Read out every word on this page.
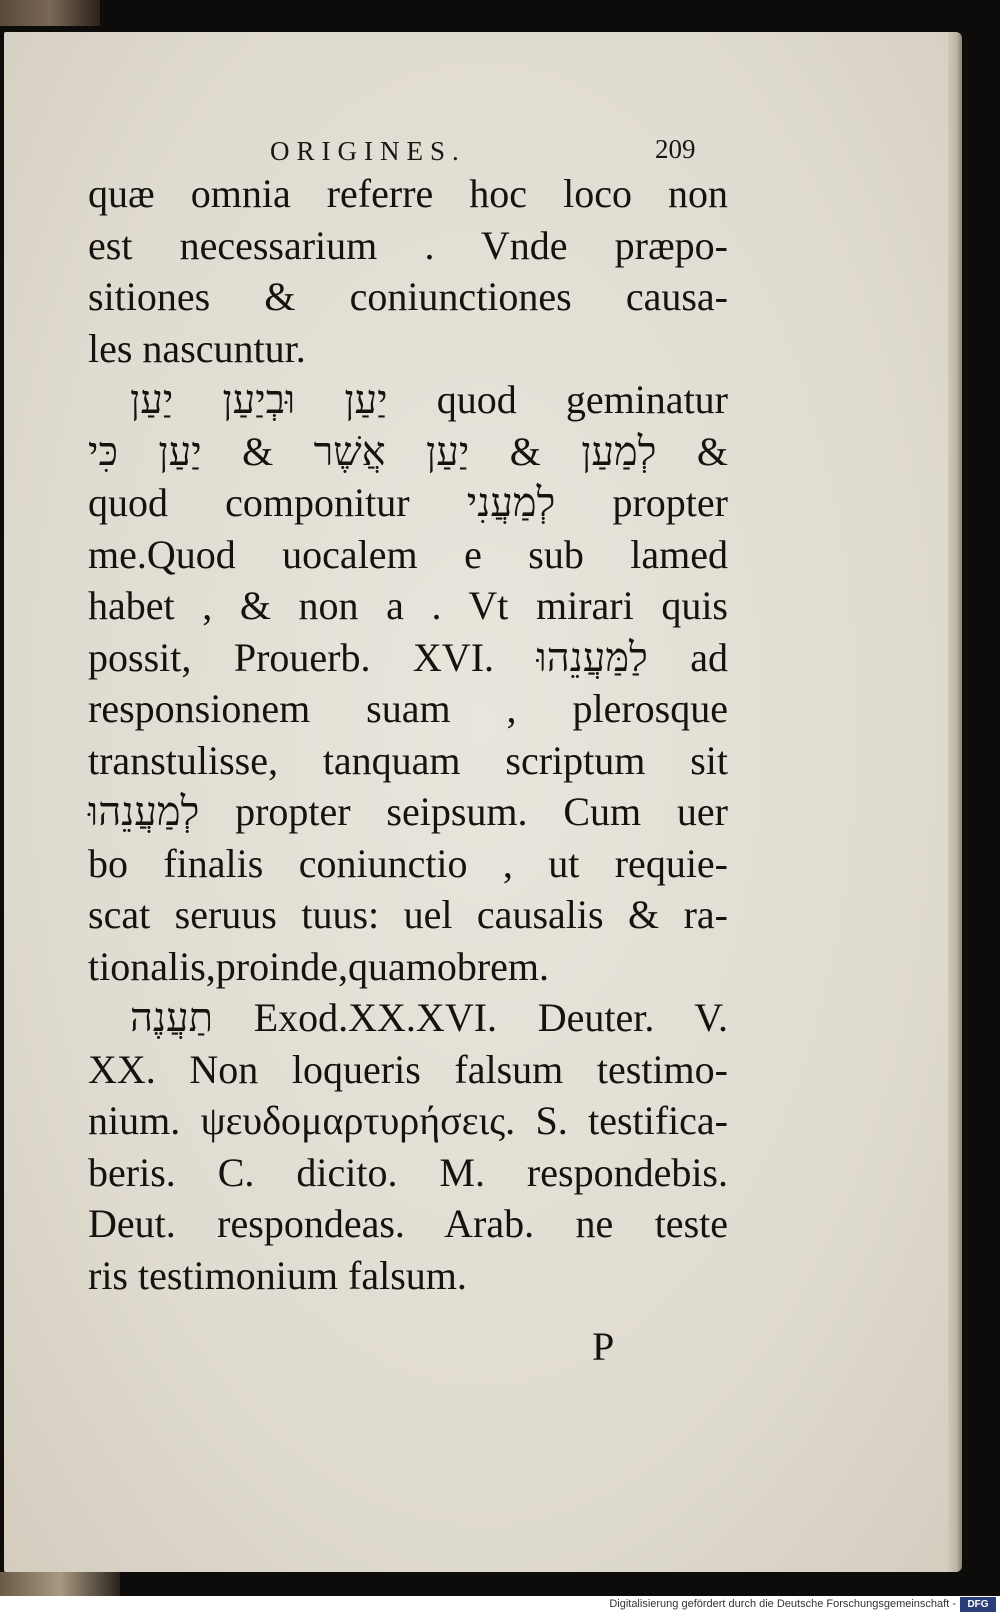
ORIGINES.	209
quæ omnia referre hoc loco non
est necessarium . Vnde præpo-
sitiones & coniunctiones causa-
les nascuntur.
יַעַן וּבְיַעַן יַעַן quod geminatur
לְמַעַן & יַעַן אֲשֶׁר & יַעַן כִּי &
quod componitur לְמַעֲנִי propter
me.Quod uocalem e sub lamed
habet , & non a . Vt mirari quis
possit, Prouerb. XVI. לַמַּעֲנֵהוּ ad
responsionem suam , plerosque
transtulisse, tanquam scriptum sit
לְמַעֲנֵהוּ propter seipsum. Cum uer
bo finalis coniunctio , ut requie-
scat seruus tuus: uel causalis & ra-
tionalis,proinde,quamobrem.
תַעֲנֶה Exod.XX.XVI. Deuter. V.
XX. Non loqueris falsum testimo-
nium. ψευδομαρτυρήσεις. S. testifica-
beris. C. dicito. M. respondebis.
Deut. respondeas. Arab. ne teste
ris testimonium falsum.
P
Digitalisierung gefördert durch die Deutsche Forschungsgemeinschaft -	DFG
